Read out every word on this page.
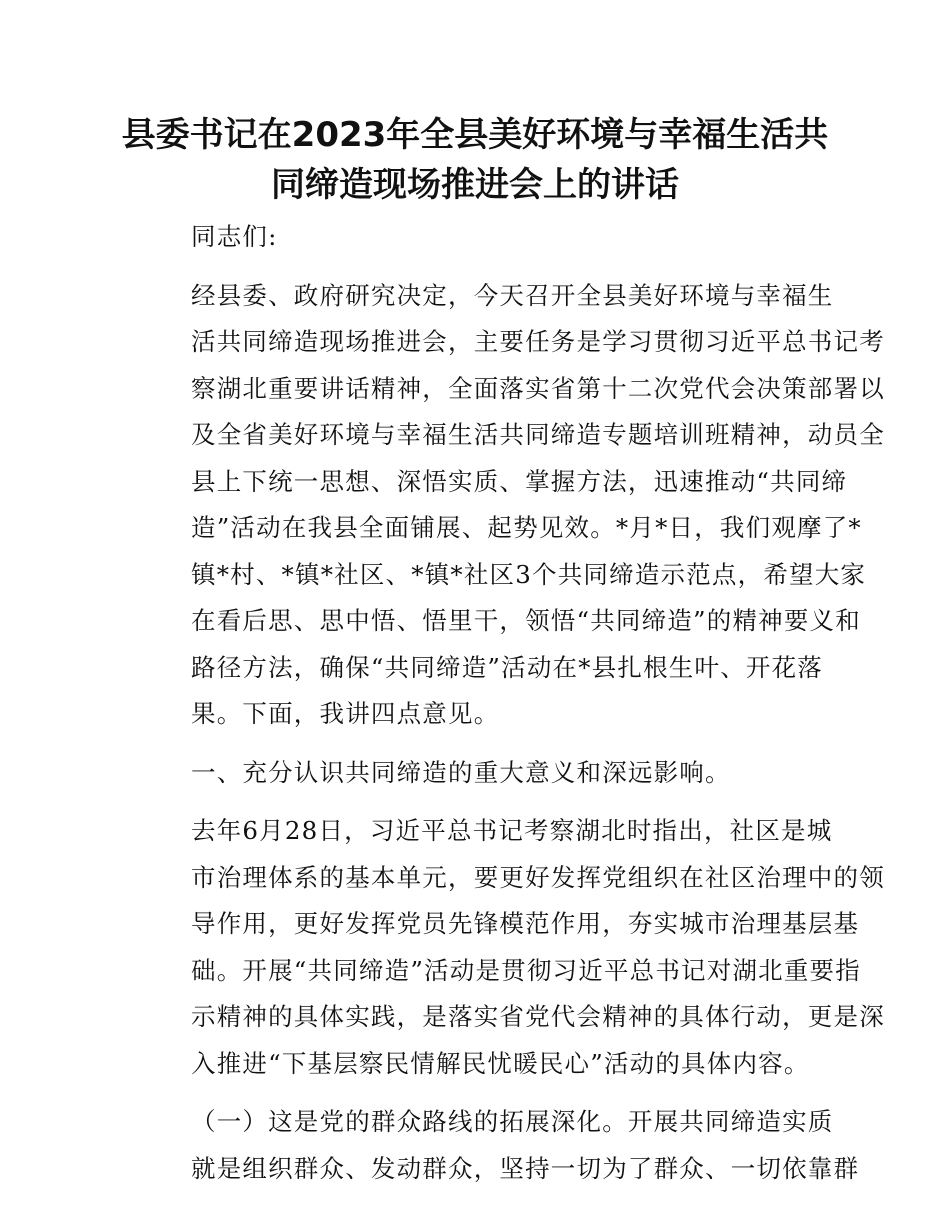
县委书记在2023年全县美好环境与幸福生活共
同缔造现场推进会上的讲话
同志们:
经县委、政府研究决定，今天召开全县美好环境与幸福生
活共同缔造现场推进会，主要任务是学习贯彻习近平总书记考
察湖北重要讲话精神，全面落实省第十二次党代会决策部署以
及全省美好环境与幸福生活共同缔造专题培训班精神，动员全
县上下统一思想、深悟实质、掌握方法，迅速推动“共同缔
造”活动在我县全面铺展、起势见效。*月*日，我们观摩了*
镇*村、*镇*社区、*镇*社区3个共同缔造示范点，希望大家
在看后思、思中悟、悟里干，领悟“共同缔造”的精神要义和
路径方法，确保“共同缔造”活动在*县扎根生叶、开花落
果。下面，我讲四点意见。
一、充分认识共同缔造的重大意义和深远影响。
去年6月28日，习近平总书记考察湖北时指出，社区是城
市治理体系的基本单元，要更好发挥党组织在社区治理中的领
导作用，更好发挥党员先锋模范作用，夯实城市治理基层基
础。开展“共同缔造”活动是贯彻习近平总书记对湖北重要指
示精神的具体实践，是落实省党代会精神的具体行动，更是深
入推进“下基层察民情解民忧暖民心”活动的具体内容。
（一）这是党的群众路线的拓展深化。开展共同缔造实质
就是组织群众、发动群众，坚持一切为了群众、一切依靠群
